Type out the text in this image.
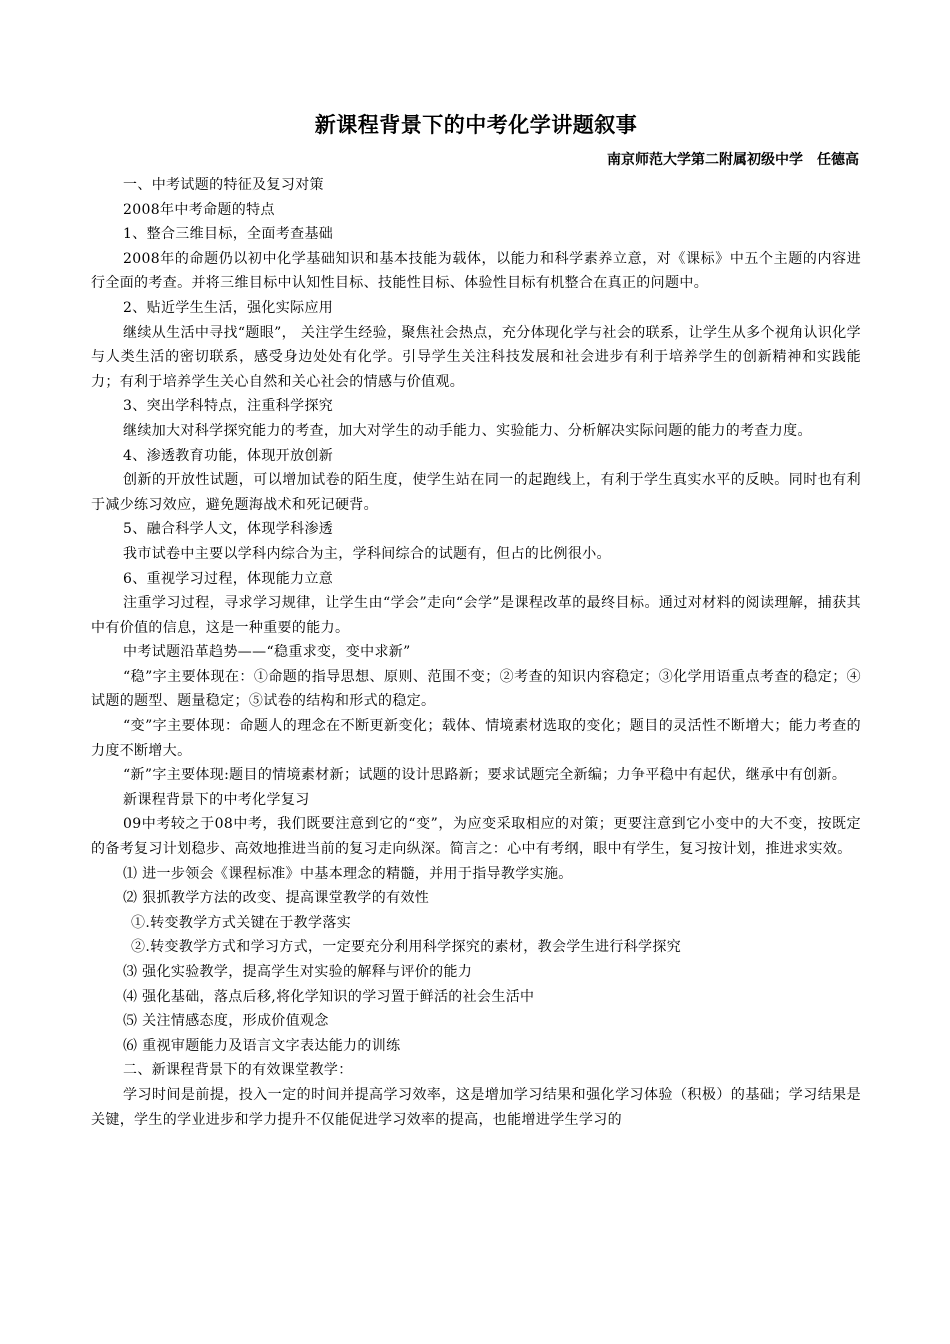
新课程背景下的中考化学讲题叙事
南京师范大学第二附属初级中学　任德高

一、中考试题的特征及复习对策

2008年中考命题的特点

1、整合三维目标，全面考查基础

2008年的命题仍以初中化学基础知识和基本技能为载体，以能力和科学素养立意，对《课标》中五个主题的内容进行全面的考查。并将三维目标中认知性目标、技能性目标、体验性目标有机整合在真正的问题中。

2、贴近学生生活，强化实际应用

继续从生活中寻找“题眼”， 关注学生经验，聚焦社会热点，充分体现化学与社会的联系，让学生从多个视角认识化学与人类生活的密切联系，感受身边处处有化学。引导学生关注科技发展和社会进步有利于培养学生的创新精神和实践能力；有利于培养学生关心自然和关心社会的情感与价值观。

3、突出学科特点，注重科学探究

继续加大对科学探究能力的考查，加大对学生的动手能力、实验能力、分析解决实际问题的能力的考查力度。

4、渗透教育功能，体现开放创新

创新的开放性试题，可以增加试卷的陌生度，使学生站在同一的起跑线上，有利于学生真实水平的反映。同时也有利于减少练习效应，避免题海战术和死记硬背。

5、融合科学人文，体现学科渗透

我市试卷中主要以学科内综合为主，学科间综合的试题有，但占的比例很小。

6、重视学习过程，体现能力立意

注重学习过程，寻求学习规律，让学生由“学会”走向“会学”是课程改革的最终目标。通过对材料的阅读理解，捕获其中有价值的信息，这是一种重要的能力。

中考试题沿革趋势——“稳重求变，变中求新”

“稳”字主要体现在：①命题的指导思想、原则、范围不变；②考查的知识内容稳定；③化学用语重点考查的稳定；④试题的题型、题量稳定；⑤试卷的结构和形式的稳定。

“变”字主要体现：命题人的理念在不断更新变化；载体、情境素材选取的变化；题目的灵活性不断增大；能力考查的力度不断增大。

“新”字主要体现:题目的情境素材新；试题的设计思路新；要求试题完全新编；力争平稳中有起伏，继承中有创新。

新课程背景下的中考化学复习

09中考较之于08中考，我们既要注意到它的“变”，为应变采取相应的对策；更要注意到它小变中的大不变，按既定的备考复习计划稳步、高效地推进当前的复习走向纵深。简言之：心中有考纲，眼中有学生，复习按计划，推进求实效。

⑴ 进一步领会《课程标准》中基本理念的精髓，并用于指导教学实施。

⑵ 狠抓教学方法的改变、提高课堂教学的有效性

①.转变教学方式关键在于教学落实

②.转变教学方式和学习方式，一定要充分利用科学探究的素材，教会学生进行科学探究

⑶ 强化实验教学，提高学生对实验的解释与评价的能力

⑷ 强化基础，落点后移,将化学知识的学习置于鲜活的社会生活中

⑸ 关注情感态度，形成价值观念

⑹ 重视审题能力及语言文字表达能力的训练

二、新课程背景下的有效课堂教学：

学习时间是前提，投入一定的时间并提高学习效率，这是增加学习结果和强化学习体验（积极）的基础；学习结果是关键，学生的学业进步和学力提升不仅能促进学习效率的提高，也能增进学生学习的
